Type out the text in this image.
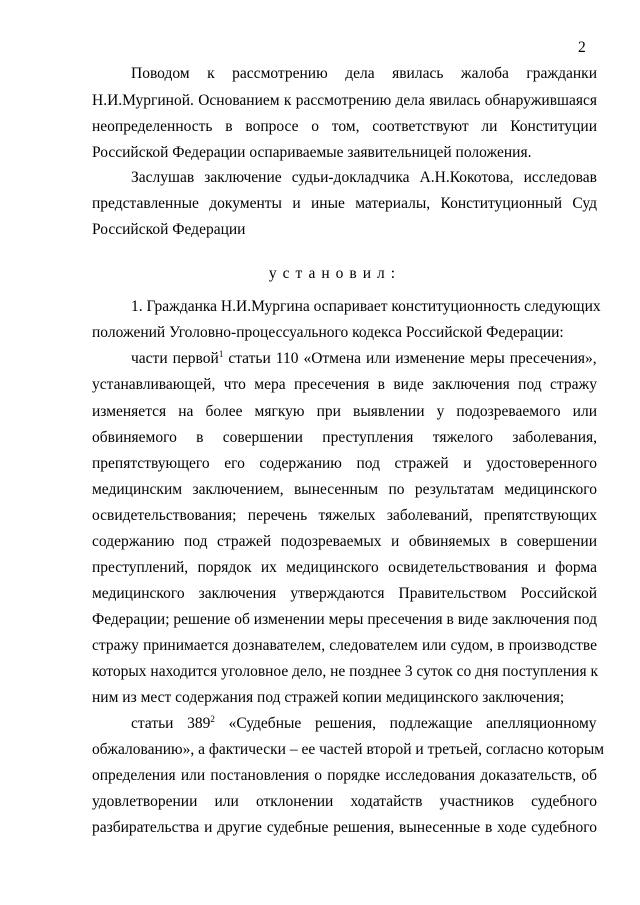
2
Поводом к рассмотрению дела явилась жалоба гражданки
Н.И.Мургиной. Основанием к рассмотрению дела явилась обнаружившаяся
неопределенность в вопросе о том, соответствуют ли Конституции
Российской Федерации оспариваемые заявительницей положения.
Заслушав заключение судьи-докладчика А.Н.Кокотова, исследовав
представленные документы и иные материалы, Конституционный Суд
Российской Федерации
установил:
1. Гражданка Н.И.Мургина оспаривает конституционность следующих
положений Уголовно-процессуального кодекса Российской Федерации:
части первой$^1$ статьи 110 «Отмена или изменение меры пресечения»,
устанавливающей, что мера пресечения в виде заключения под стражу
изменяется на более мягкую при выявлении у подозреваемого или
обвиняемого в совершении преступления тяжелого заболевания,
препятствующего его содержанию под стражей и удостоверенного
медицинским заключением, вынесенным по результатам медицинского
освидетельствования; перечень тяжелых заболеваний, препятствующих
содержанию под стражей подозреваемых и обвиняемых в совершении
преступлений, порядок их медицинского освидетельствования и форма
медицинского заключения утверждаются Правительством Российской
Федерации; решение об изменении меры пресечения в виде заключения под
стражу принимается дознавателем, следователем или судом, в производстве
которых находится уголовное дело, не позднее 3 суток со дня поступления к
ним из мест содержания под стражей копии медицинского заключения;
статьи $389^2$ «Судебные решения, подлежащие апелляционному
обжалованию», а фактически – ее частей второй и третьей, согласно которым
определения или постановления о порядке исследования доказательств, об
удовлетворении или отклонении ходатайств участников судебного
разбирательства и другие судебные решения, вынесенные в ходе судебного
